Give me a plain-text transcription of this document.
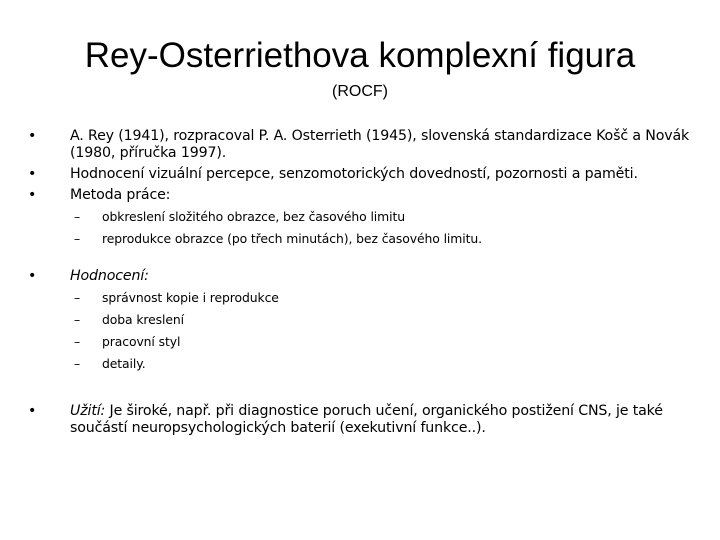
Rey-Osterriethova komplexní figura
(ROCF)
• A. Rey (1941), rozpracoval P. A. Osterrieth (1945), slovenská standardizace Košč a Novák (1980, příručka 1997).
• Hodnocení vizuální percepce, senzomotorických dovedností, pozornosti a paměti.
• Metoda práce:
– obkreslení složitého obrazce, bez časového limitu
– reprodukce obrazce (po třech minutách), bez časového limitu.
• Hodnocení:
– správnost kopie i reprodukce
– doba kreslení
– pracovní styl
– detaily.
• Užití: Je široké, např. při diagnostice poruch učení, organického postižení CNS, je také součástí neuropsychologických baterií (exekutivní funkce..).
